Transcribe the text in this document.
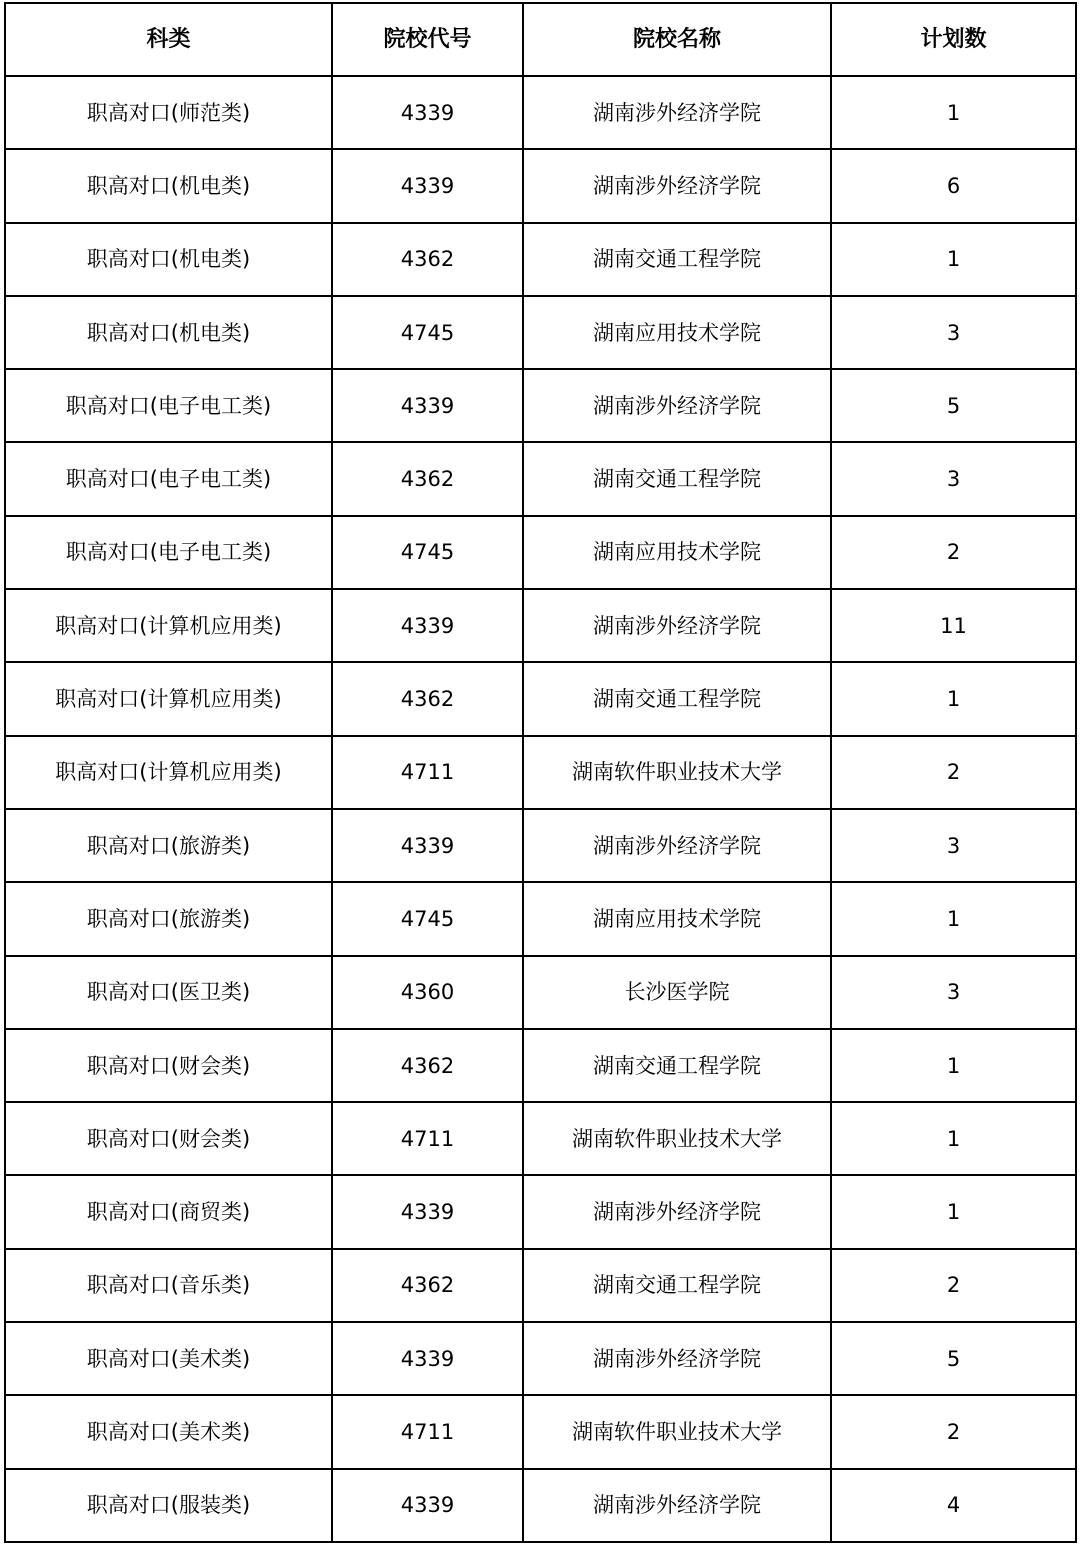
科类	院校代号	院校名称	计划数
职高对口(师范类)	4339	湖南涉外经济学院	1
职高对口(机电类)	4339	湖南涉外经济学院	6
职高对口(机电类)	4362	湖南交通工程学院	1
职高对口(机电类)	4745	湖南应用技术学院	3
职高对口(电子电工类)	4339	湖南涉外经济学院	5
职高对口(电子电工类)	4362	湖南交通工程学院	3
职高对口(电子电工类)	4745	湖南应用技术学院	2
职高对口(计算机应用类)	4339	湖南涉外经济学院	11
职高对口(计算机应用类)	4362	湖南交通工程学院	1
职高对口(计算机应用类)	4711	湖南软件职业技术大学	2
职高对口(旅游类)	4339	湖南涉外经济学院	3
职高对口(旅游类)	4745	湖南应用技术学院	1
职高对口(医卫类)	4360	长沙医学院	3
职高对口(财会类)	4362	湖南交通工程学院	1
职高对口(财会类)	4711	湖南软件职业技术大学	1
职高对口(商贸类)	4339	湖南涉外经济学院	1
职高对口(音乐类)	4362	湖南交通工程学院	2
职高对口(美术类)	4339	湖南涉外经济学院	5
职高对口(美术类)	4711	湖南软件职业技术大学	2
职高对口(服装类)	4339	湖南涉外经济学院	4
